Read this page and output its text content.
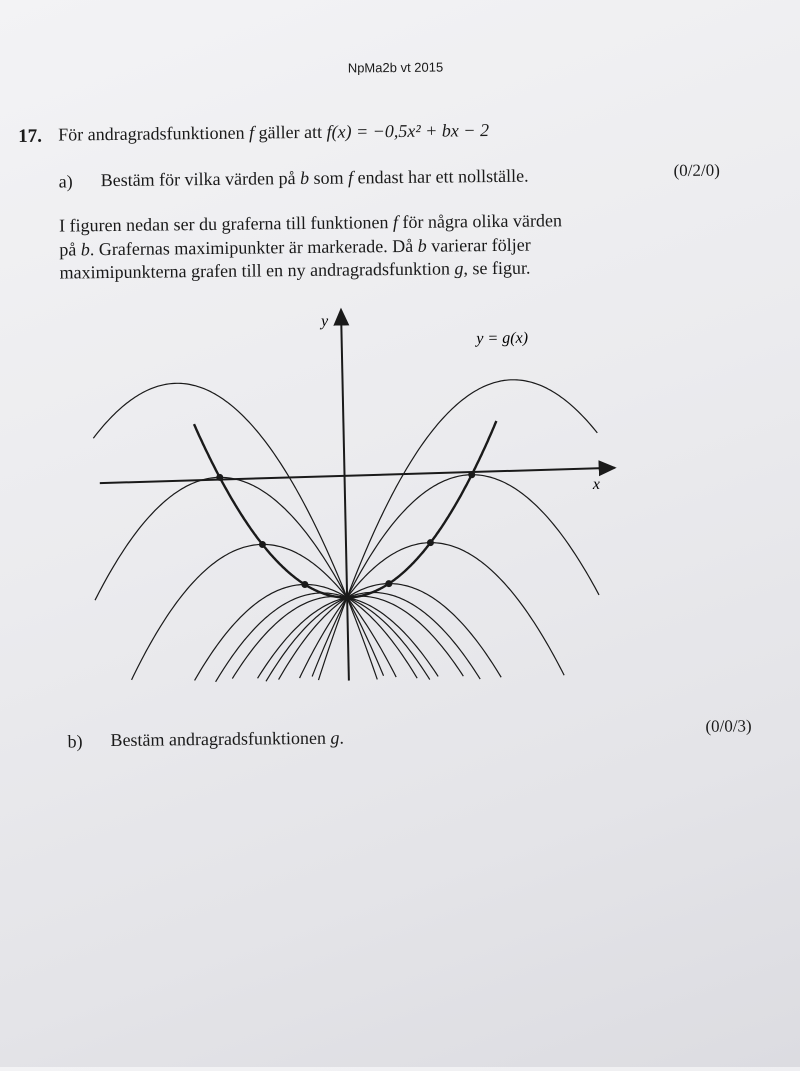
NpMa2b vt 2015
17. För andragradsfunktionen f gäller att f(x) = −0,5x² + bx − 2
a) Bestäm för vilka värden på b som f endast har ett nollställe.	(0/2/0)
I figuren nedan ser du graferna till funktionen f för några olika värden
på b. Grafernas maximipunkter är markerade. Då b varierar följer
maximipunkterna grafen till en ny andragradsfunktion g, se figur.
y
x
y = g(x)
b) Bestäm andragradsfunktionen g.
(0/0/3)
